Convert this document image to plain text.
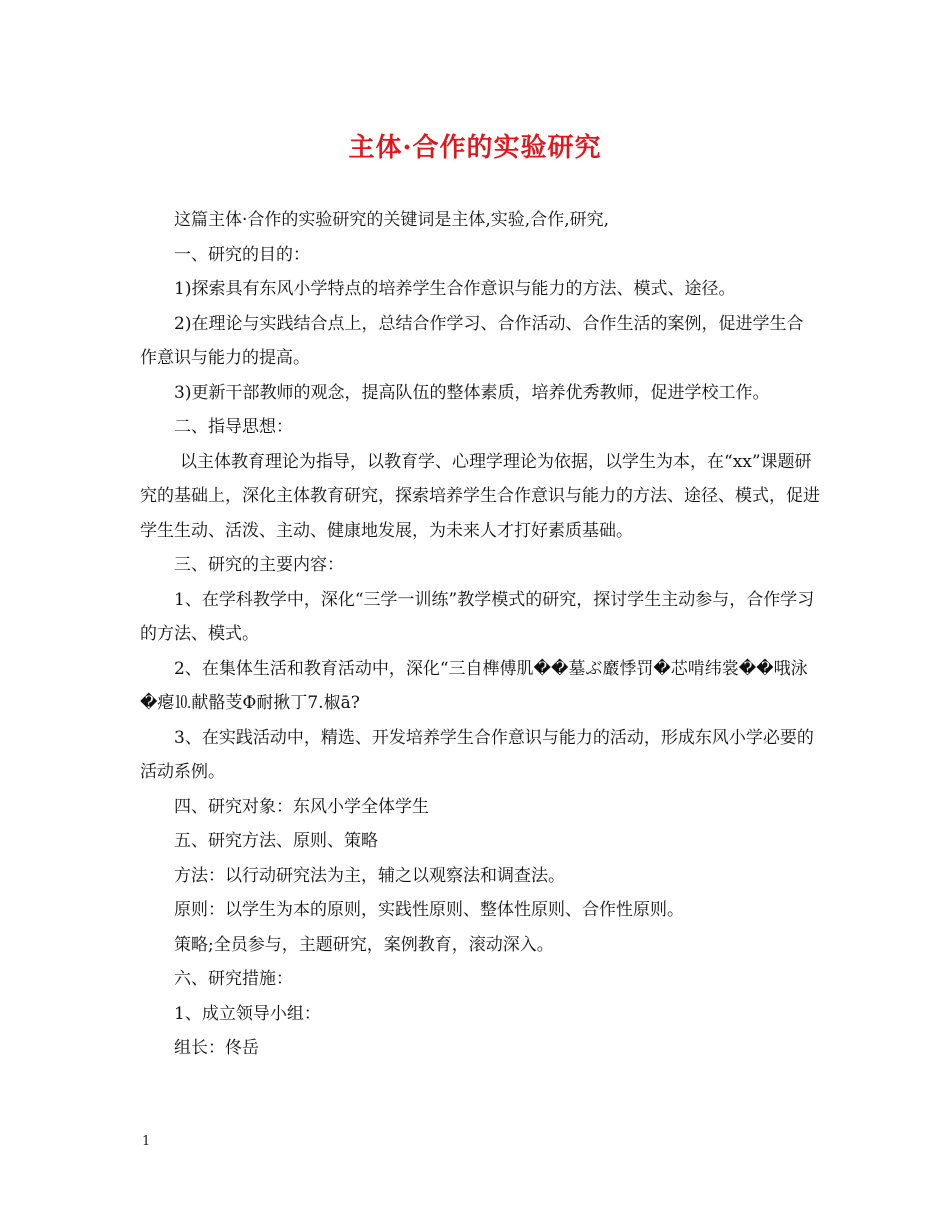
主体·合作的实验研究

这篇主体·合作的实验研究的关键词是主体,实验,合作,研究,

一、研究的目的：

1)探索具有东风小学特点的培养学生合作意识与能力的方法、模式、途径。

2)在理论与实践结合点上，总结合作学习、合作活动、合作生活的案例，促进学生合作意识与能力的提高。

3)更新干部教师的观念，提高队伍的整体素质，培养优秀教师，促进学校工作。

二、指导思想：

以主体教育理论为指导，以教育学、心理学理论为依据，以学生为本，在“xx”课题研究的基础上，深化主体教育研究，探索培养学生合作意识与能力的方法、途径、模式，促进学生生动、活泼、主动、健康地发展，为未来人才打好素质基础。

三、研究的主要内容：

1、在学科教学中，深化“三学一训练”教学模式的研究，探讨学生主动参与，合作学习的方法、模式。

2、在集体生活和教育活动中，深化“三自榫傅肌��墓ぶ黀悸罚�芯啃纬裳��哦泳�瘪⒑献骼芰Φ耐揪丁7.椒ā?

3、在实践活动中，精选、开发培养学生合作意识与能力的活动，形成东风小学必要的活动系例。

四、研究对象：东风小学全体学生

五、研究方法、原则、策略

方法：以行动研究法为主，辅之以观察法和调查法。

原则：以学生为本的原则，实践性原则、整体性原则、合作性原则。

策略;全员参与，主题研究，案例教育，滚动深入。

六、研究措施：

1、成立领导小组：

组长：佟岳

1
